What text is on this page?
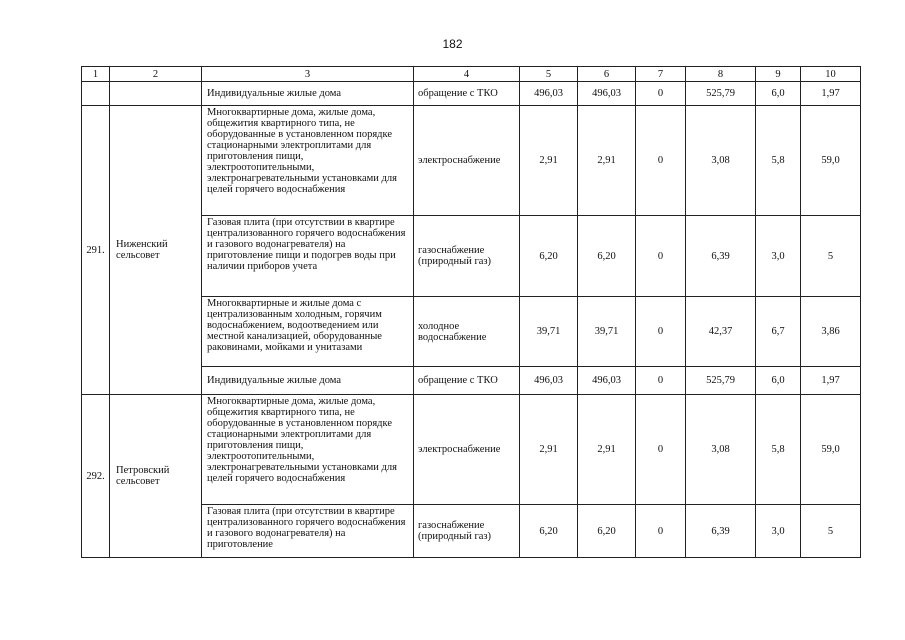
182
1	2	3	4	5	6	7	8	9	10
		Индивидуальные жилые дома	обращение с ТКО	496,03	496,03	0	525,79	6,0	1,97
291.	Ниженский сельсовет	Многоквартирные дома, жилые дома, общежития квартирного типа, не оборудованные в установленном порядке стационарными электроплитами для приготовления пищи, электроотопительными, электронагревательными установками для целей горячего водоснабжения	электроснабжение	2,91	2,91	0	3,08	5,8	59,0
		Газовая плита (при отсутствии в квартире централизованного горячего водоснабжения и газового водонагревателя) на приготовление пищи и подогрев воды при наличии приборов учета	газоснабжение (природный газ)	6,20	6,20	0	6,39	3,0	5
		Многоквартирные и жилые дома с централизованным холодным, горячим водоснабжением, водоотведением или местной канализацией, оборудованные раковинами, мойками и унитазами	холодное водоснабжение	39,71	39,71	0	42,37	6,7	3,86
		Индивидуальные жилые дома	обращение с ТКО	496,03	496,03	0	525,79	6,0	1,97
292.	Петровский сельсовет	Многоквартирные дома, жилые дома, общежития квартирного типа, не оборудованные в установленном порядке стационарными электроплитами для приготовления пищи, электроотопительными, электронагревательными установками для целей горячего водоснабжения	электроснабжение	2,91	2,91	0	3,08	5,8	59,0
		Газовая плита (при отсутствии в квартире централизованного горячего водоснабжения и газового водонагревателя) на приготовление	газоснабжение (природный газ)	6,20	6,20	0	6,39	3,0	5
